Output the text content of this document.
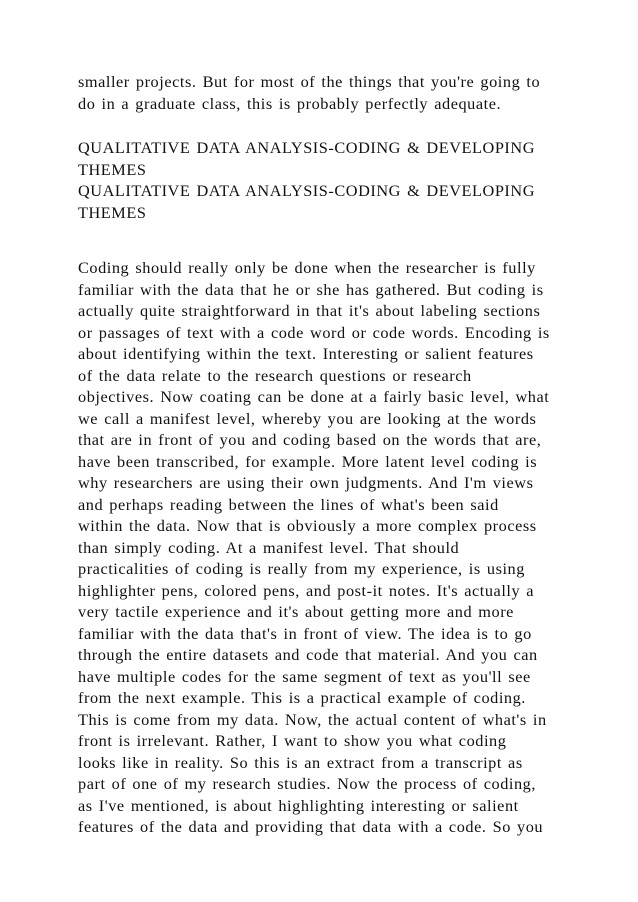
smaller projects. But for most of the things that you're going to
do in a graduate class, this is probably perfectly adequate.

QUALITATIVE DATA ANALYSIS-CODING & DEVELOPING
THEMES
QUALITATIVE DATA ANALYSIS-CODING & DEVELOPING
THEMES

Coding should really only be done when the researcher is fully
familiar with the data that he or she has gathered. But coding is
actually quite straightforward in that it's about labeling sections
or passages of text with a code word or code words. Encoding is
about identifying within the text. Interesting or salient features
of the data relate to the research questions or research
objectives. Now coating can be done at a fairly basic level, what
we call a manifest level, whereby you are looking at the words
that are in front of you and coding based on the words that are,
have been transcribed, for example. More latent level coding is
why researchers are using their own judgments. And I'm views
and perhaps reading between the lines of what's been said
within the data. Now that is obviously a more complex process
than simply coding. At a manifest level. That should
practicalities of coding is really from my experience, is using
highlighter pens, colored pens, and post-it notes. It's actually a
very tactile experience and it's about getting more and more
familiar with the data that's in front of view. The idea is to go
through the entire datasets and code that material. And you can
have multiple codes for the same segment of text as you'll see
from the next example. This is a practical example of coding.
This is come from my data. Now, the actual content of what's in
front is irrelevant. Rather, I want to show you what coding
looks like in reality. So this is an extract from a transcript as
part of one of my research studies. Now the process of coding,
as I've mentioned, is about highlighting interesting or salient
features of the data and providing that data with a code. So you
